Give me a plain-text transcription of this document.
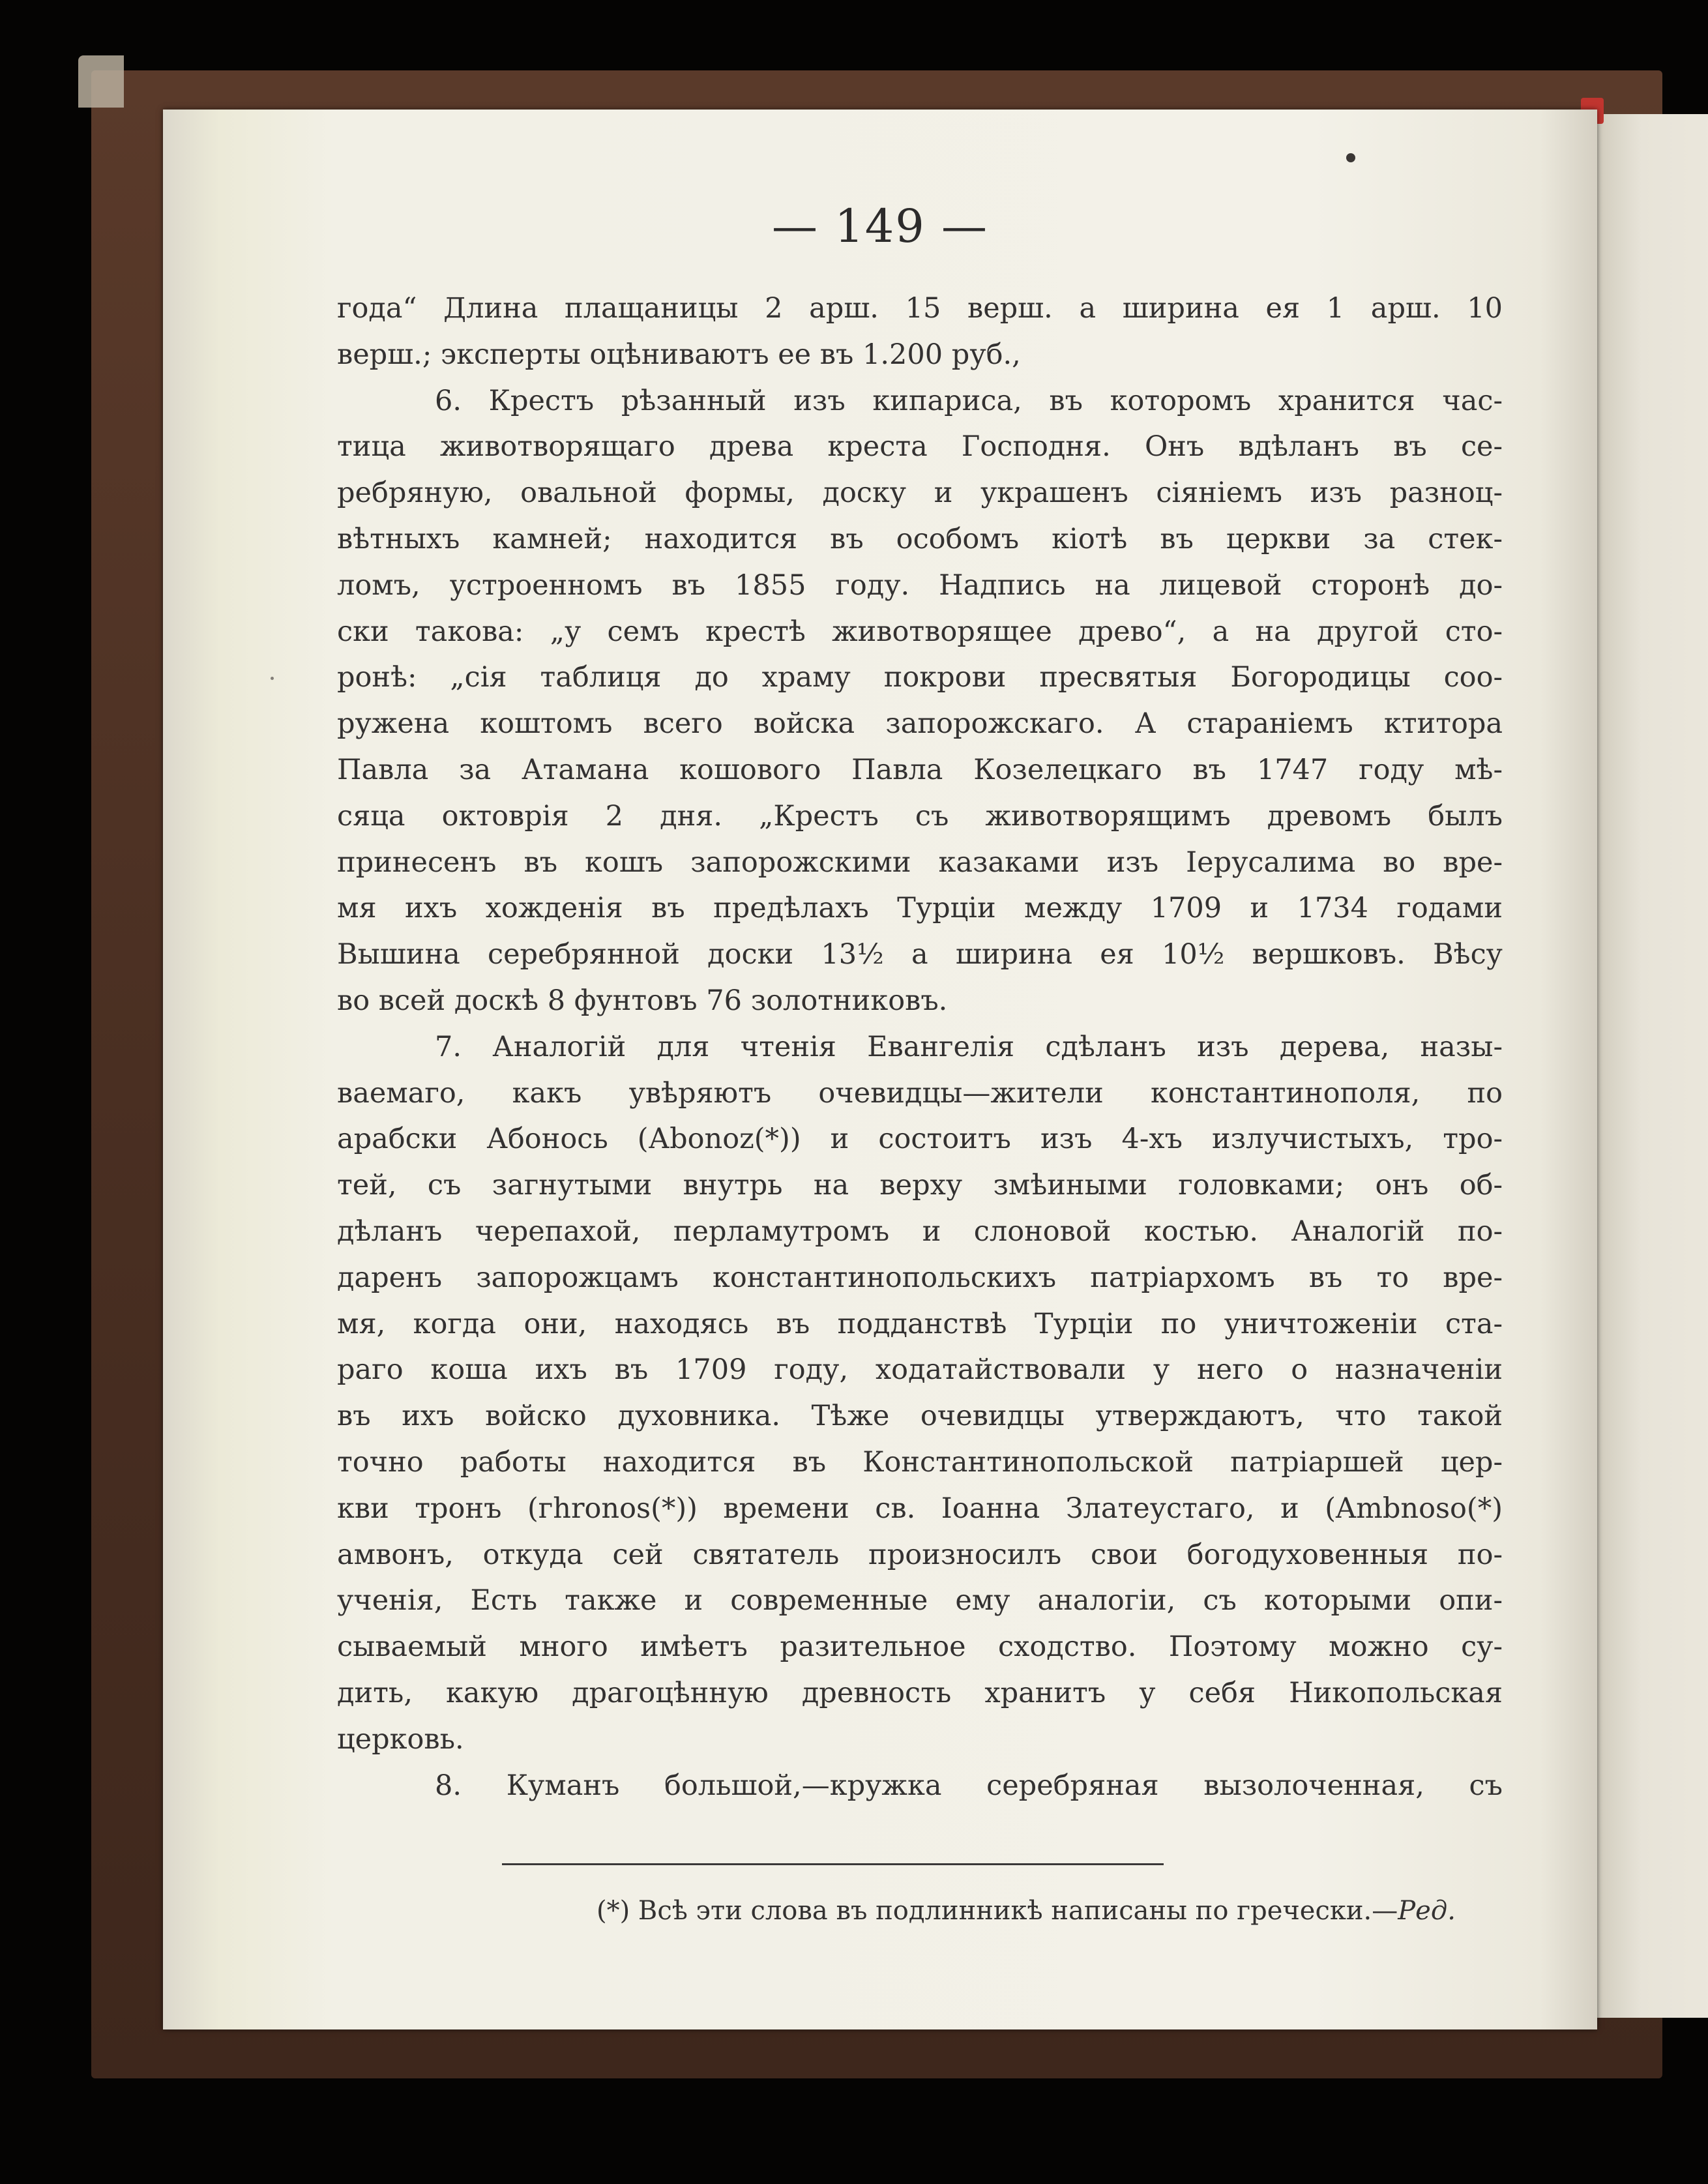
— 149 —
года“ Длина плащаницы 2 арш. 15 верш. а ширина ея 1 арш. 10
верш.; эксперты оцѣниваютъ ее въ 1.200 руб.,
6. Крестъ рѣзанный изъ кипариса, въ которомъ хранится час-
тица животворящаго древа креста Господня. Онъ вдѣланъ въ се-
ребряную, овальной формы, доску и украшенъ сіяніемъ изъ разноц-
вѣтныхъ камней; находится въ особомъ кіотѣ въ церкви за стек-
ломъ, устроенномъ въ 1855 году. Надпись на лицевой сторонѣ до-
ски такова: „у семъ крестѣ животворящее древо“, а на другой сто-
ронѣ: „сія таблиця до храму покрови пресвятыя Богородицы соо-
ружена коштомъ всего войска запорожскаго. А стараніемъ ктитора
Павла за Атамана кошового Павла Козелецкаго въ 1747 году мѣ-
сяца октоврія 2 дня. „Крестъ съ животворящимъ древомъ былъ
принесенъ въ кошъ запорожскими казаками изъ Іерусалима во вре-
мя ихъ хожденія въ предѣлахъ Турціи между 1709 и 1734 годами
Вышина серебрянной доски 13½ а ширина ея 10½ вершковъ. Вѣсу
во всей доскѣ 8 фунтовъ 76 золотниковъ.
7. Аналогій для чтенія Евангелія сдѣланъ изъ дерева, назы-
ваемаго, какъ увѣряютъ очевидцы—жители константинополя, по
арабски Абонось (Аbonoz(*)) и состоитъ изъ 4-хъ излучистыхъ, тро-
тей, съ загнутыми внутрь на верху змѣиными головками; онъ об-
дѣланъ черепахой, перламутромъ и слоновой костью. Аналогій по-
даренъ запорожцамъ константинопольскихъ патріархомъ въ то вре-
мя, когда они, находясь въ подданствѣ Турціи по уничтоженіи ста-
раго коша ихъ въ 1709 году, ходатайствовали у него о назначеніи
въ ихъ войско духовника. Тѣже очевидцы утверждаютъ, что такой
точно работы находится въ Константинопольской патріаршей цер-
кви тронъ (гhronos(*)) времени св. Іоанна Златеустаго, и (Ambnoso(*)
амвонъ, откуда сей святатель произносилъ свои богодуховенныя по-
ученія, Есть также и современные ему аналогіи, съ которыми опи-
сываемый много имѣетъ разительное сходство. Поэтому можно су-
дить, какую драгоцѣнную древность хранитъ у себя Никопольская
церковь.
8. Куманъ большой,—кружка серебряная вызолоченная, съ
(*) Всѣ эти слова въ подлинникѣ написаны по гречески.—Ред.
